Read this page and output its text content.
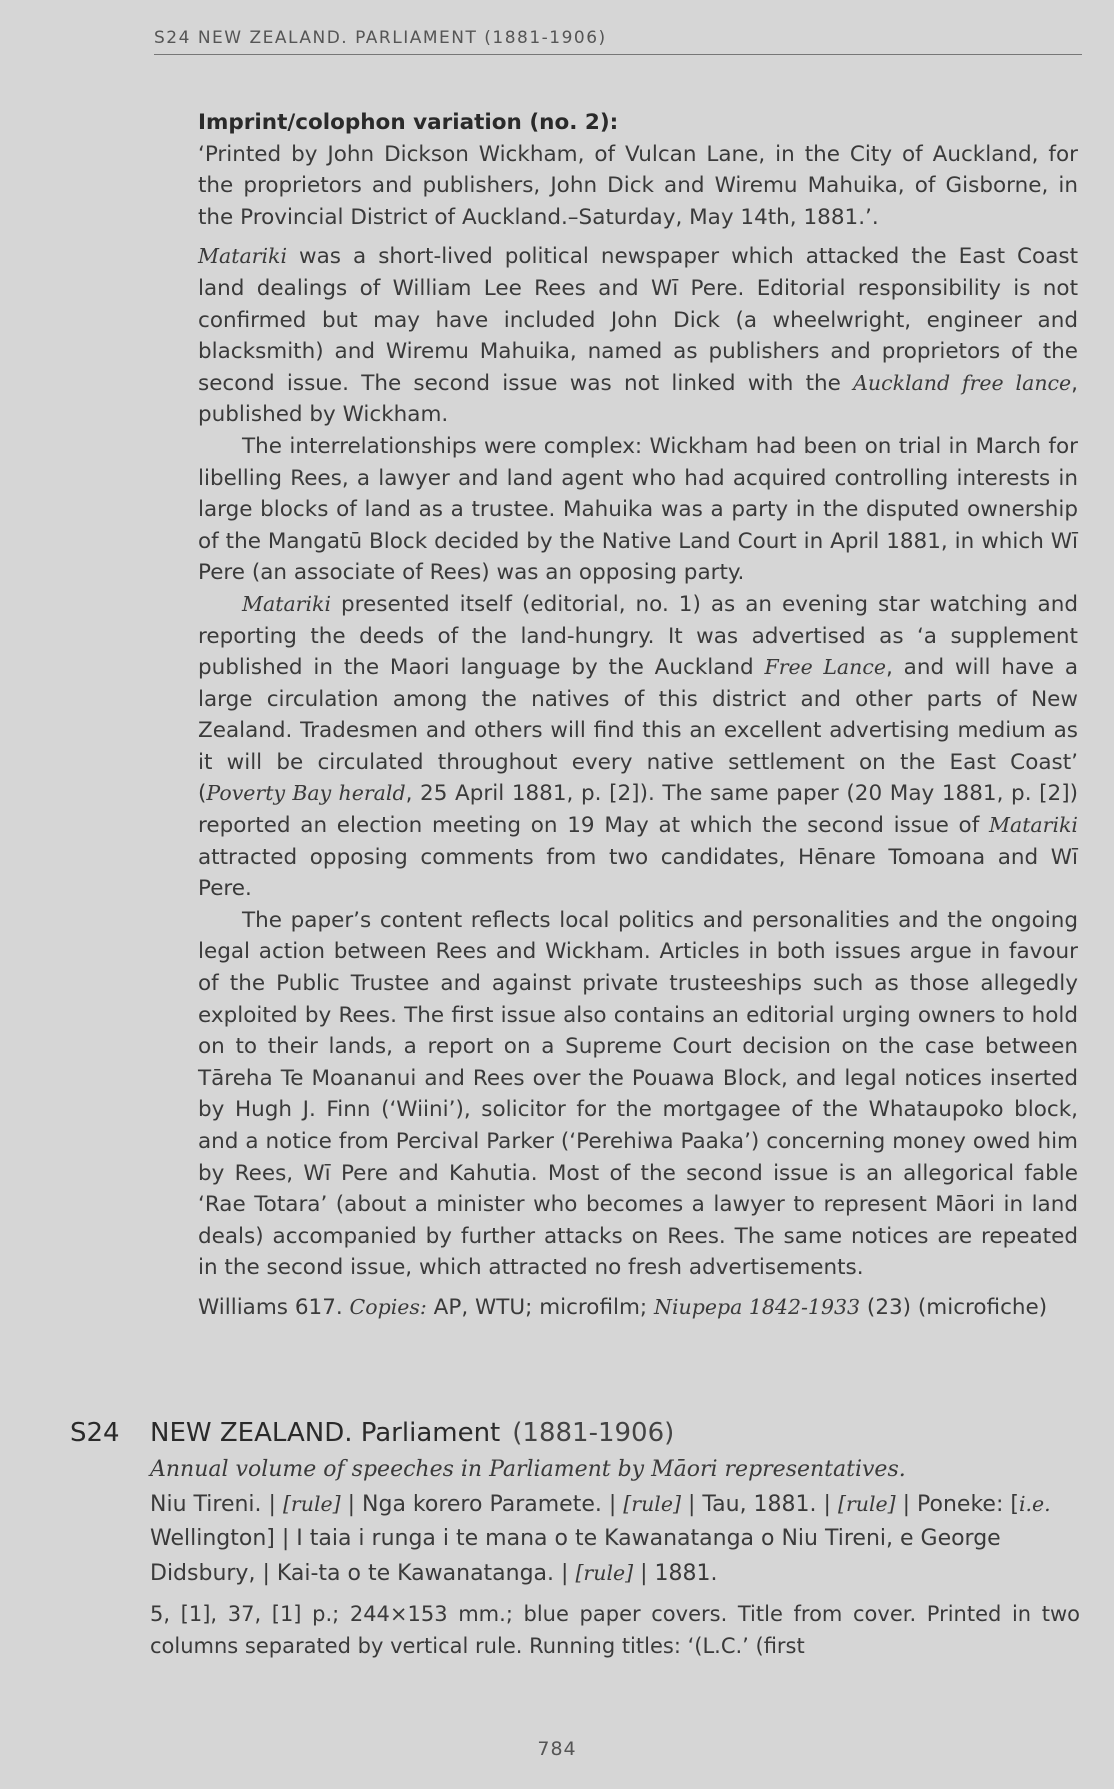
S24 NEW ZEALAND. PARLIAMENT (1881-1906)

Imprint/colophon variation (no. 2):

‘Printed by John Dickson Wickham, of Vulcan Lane, in the City of Auckland, for the proprietors and publishers, John Dick and Wiremu Mahuika, of Gisborne, in the Provincial District of Auckland.–Saturday, May 14th, 1881.’.

Matariki was a short-lived political newspaper which attacked the East Coast land dealings of William Lee Rees and Wī Pere. Editorial responsibility is not confirmed but may have included John Dick (a wheelwright, engineer and blacksmith) and Wiremu Mahuika, named as publishers and proprietors of the second issue. The second issue was not linked with the Auckland free lance, published by Wickham.

The interrelationships were complex: Wickham had been on trial in March for libelling Rees, a lawyer and land agent who had acquired controlling interests in large blocks of land as a trustee. Mahuika was a party in the disputed ownership of the Mangatū Block decided by the Native Land Court in April 1881, in which Wī Pere (an associate of Rees) was an opposing party.

Matariki presented itself (editorial, no. 1) as an evening star watching and reporting the deeds of the land-hungry. It was advertised as ‘a supplement published in the Maori language by the Auckland Free Lance, and will have a large circulation among the natives of this district and other parts of New Zealand. Tradesmen and others will find this an excellent advertising medium as it will be circulated throughout every native settlement on the East Coast’ (Poverty Bay herald, 25 April 1881, p. [2]). The same paper (20 May 1881, p. [2]) reported an election meeting on 19 May at which the second issue of Matariki attracted opposing comments from two candidates, Hēnare Tomoana and Wī Pere.

The paper’s content reflects local politics and personalities and the ongoing legal action between Rees and Wickham. Articles in both issues argue in favour of the Public Trustee and against private trusteeships such as those allegedly exploited by Rees. The first issue also contains an editorial urging owners to hold on to their lands, a report on a Supreme Court decision on the case between Tāreha Te Moananui and Rees over the Pouawa Block, and legal notices inserted by Hugh J. Finn (‘Wiini’), solicitor for the mortgagee of the Whataupoko block, and a notice from Percival Parker (‘Perehiwa Paaka’) concerning money owed him by Rees, Wī Pere and Kahutia. Most of the second issue is an allegorical fable ‘Rae Totara’ (about a minister who becomes a lawyer to represent Māori in land deals) accompanied by further attacks on Rees. The same notices are repeated in the second issue, which attracted no fresh advertisements.

Williams 617. Copies: AP, WTU; microfilm; Niupepa 1842-1933 (23) (microfiche)

S24	NEW ZEALAND. Parliament (1881-1906)

Annual volume of speeches in Parliament by Māori representatives.

Niu Tireni. | [rule] | Nga korero Paramete. | [rule] | Tau, 1881. | [rule] | Poneke: [i.e. Wellington] | I taia i runga i te mana o te Kawanatanga o Niu Tireni, e George Didsbury, | Kai-ta o te Kawanatanga. | [rule] | 1881.

5, [1], 37, [1] p.; 244×153 mm.; blue paper covers. Title from cover. Printed in two columns separated by vertical rule. Running titles: ‘(L.C.’ (first

784
